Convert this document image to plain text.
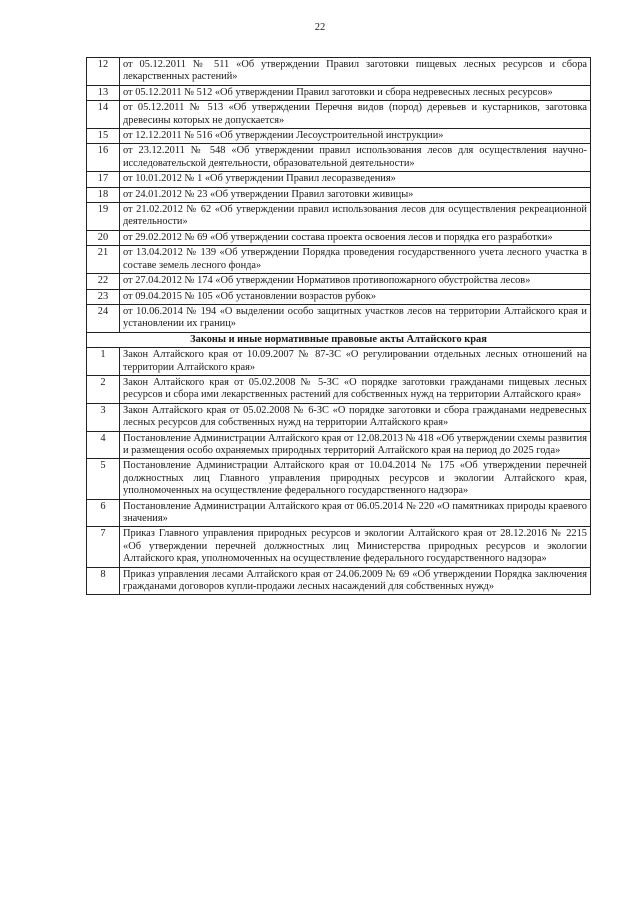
22
12	от 05.12.2011 № 511 «Об утверждении Правил заготовки пищевых лесных ресурсов и сбора лекарственных растений»
13	от 05.12.2011 № 512 «Об утверждении Правил заготовки и сбора недревесных лесных ресурсов»
14	от 05.12.2011 № 513 «Об утверждении Перечня видов (пород) деревьев и кустарников, заготовка древесины которых не допускается»
15	от 12.12.2011 № 516 «Об утверждении Лесоустроительной инструкции»
16	от 23.12.2011 № 548 «Об утверждении правил использования лесов для осуществления научно-исследовательской деятельности, образовательной деятельности»
17	от 10.01.2012 № 1 «Об утверждении Правил лесоразведения»
18	от 24.01.2012 № 23 «Об утверждении Правил заготовки живицы»
19	от 21.02.2012 № 62 «Об утверждении правил использования лесов для осуществления рекреационной деятельности»
20	от 29.02.2012 № 69 «Об утверждении состава проекта освоения лесов и порядка его разработки»
21	от 13.04.2012 № 139 «Об утверждении Порядка проведения государственного учета лесного участка в составе земель лесного фонда»
22	от 27.04.2012 № 174 «Об утверждении Нормативов противопожарного обустройства лесов»
23	от 09.04.2015 № 105 «Об установлении возрастов рубок»
24	от 10.06.2014 № 194 «О выделении особо защитных участков лесов на территории Алтайского края и установлении их границ»
Законы и иные нормативные правовые акты Алтайского края	
1	Закон Алтайского края от 10.09.2007 № 87-ЗС «О регулировании отдельных лесных отношений на территории Алтайского края»
2	Закон Алтайского края от 05.02.2008 № 5-ЗС «О порядке заготовки гражданами пищевых лесных ресурсов и сбора ими лекарственных растений для собственных нужд на территории Алтайского края»
3	Закон Алтайского края от 05.02.2008 № 6-ЗС «О порядке заготовки и сбора гражданами недревесных лесных ресурсов для собственных нужд на территории Алтайского края»
4	Постановление Администрации Алтайского края от 12.08.2013 № 418 «Об утверждении схемы развития и размещения особо охраняемых природных территорий Алтайского края на период до 2025 года»
5	Постановление Администрации Алтайского края от 10.04.2014 № 175 «Об утверждении перечней должностных лиц Главного управления природных ресурсов и экологии Алтайского края, уполномоченных на осуществление федерального государственного надзора»
6	Постановление Администрации Алтайского края от 06.05.2014 № 220 «О памятниках природы краевого значения»
7	Приказ Главного управления природных ресурсов и экологии Алтайского края от 28.12.2016 № 2215 «Об утверждении перечней должностных лиц Министерства природных ресурсов и экологии Алтайского края, уполномоченных на осуществление федерального государственного надзора»
8	Приказ управления лесами Алтайского края от 24.06.2009 № 69 «Об утверждении Порядка заключения гражданами договоров купли-продажи лесных насаждений для собственных нужд»
